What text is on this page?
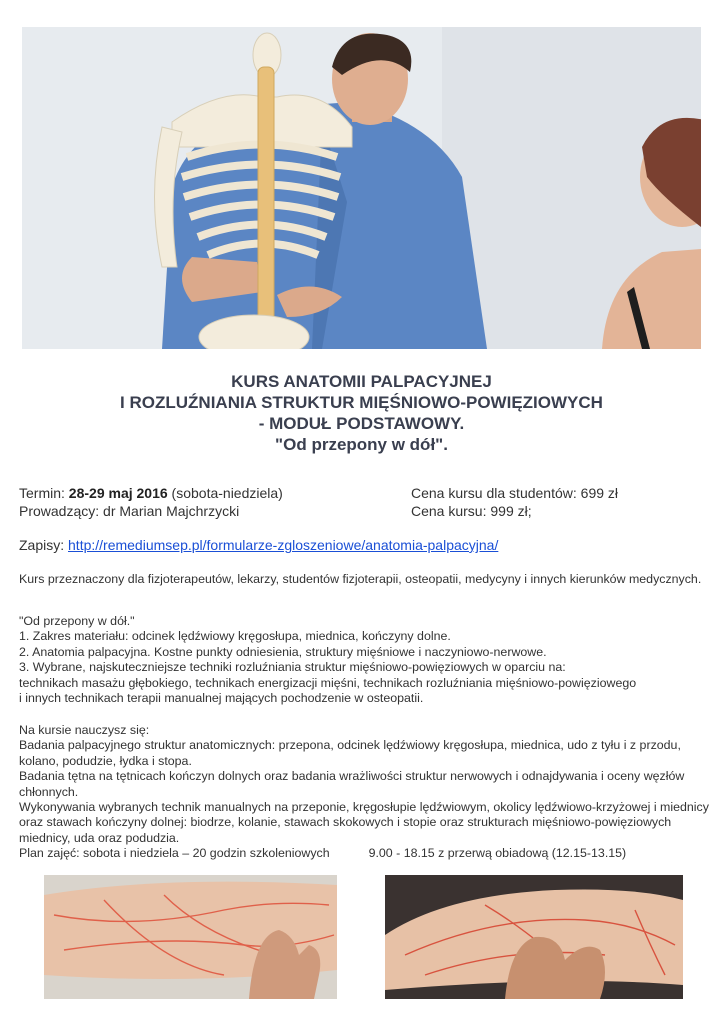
KURS ANATOMII PALPACYJNEJ
I ROZLUŹNIANIA STRUKTUR MIĘŚNIOWO-POWIĘZIOWYCH
- MODUŁ PODSTAWOWY.
"Od przepony w dół".
Termin: 28-29 maj 2016 (sobota-niedziela)
Prowadzący: dr Marian Majchrzycki
Cena kursu dla studentów: 699 zł
Cena kursu: 999 zł;
Zapisy: http://remediumsep.pl/formularze-zgloszeniowe/anatomia-palpacyjna/

Kurs przeznaczony dla fizjoterapeutów, lekarzy, studentów fizjoterapii, osteopatii, medycyny i innych kierunków medycznych.

"Od przepony w dół."

1. Zakres materiału: odcinek lędźwiowy kręgosłupa, miednica, kończyny dolne.

2. Anatomia palpacyjna. Kostne punkty odniesienia, struktury mięśniowe i naczyniowo-nerwowe.

3. Wybrane, najskuteczniejsze techniki rozluźniania struktur mięśniowo-powięziowych w oparciu na:

technikach masażu głębokiego, technikach energizacji mięśni, technikach rozluźniania mięśniowo-powięziowego

i innych technikach terapii manualnej mających pochodzenie w osteopatii.

Na kursie nauczysz się:

Badania palpacyjnego struktur anatomicznych: przepona, odcinek lędźwiowy kręgosłupa, miednica, udo z tyłu i z przodu, kolano, podudzie, łydka i stopa.

Badania tętna na tętnicach kończyn dolnych oraz badania wrażliwości struktur nerwowych i odnajdywania i oceny węzłów chłonnych.

Wykonywania wybranych technik manualnych na przeponie, kręgosłupie lędźwiowym, okolicy lędźwiowo-krzyżowej i miednicy oraz stawach kończyny dolnej: biodrze, kolanie, stawach skokowych i stopie oraz strukturach mięśniowo-powięziowych miednicy, uda oraz podudzia.

Plan zajęć: sobota i niedziela – 20 godzin szkoleniowych	9.00 - 18.15 z przerwą obiadową (12.15-13.15)
